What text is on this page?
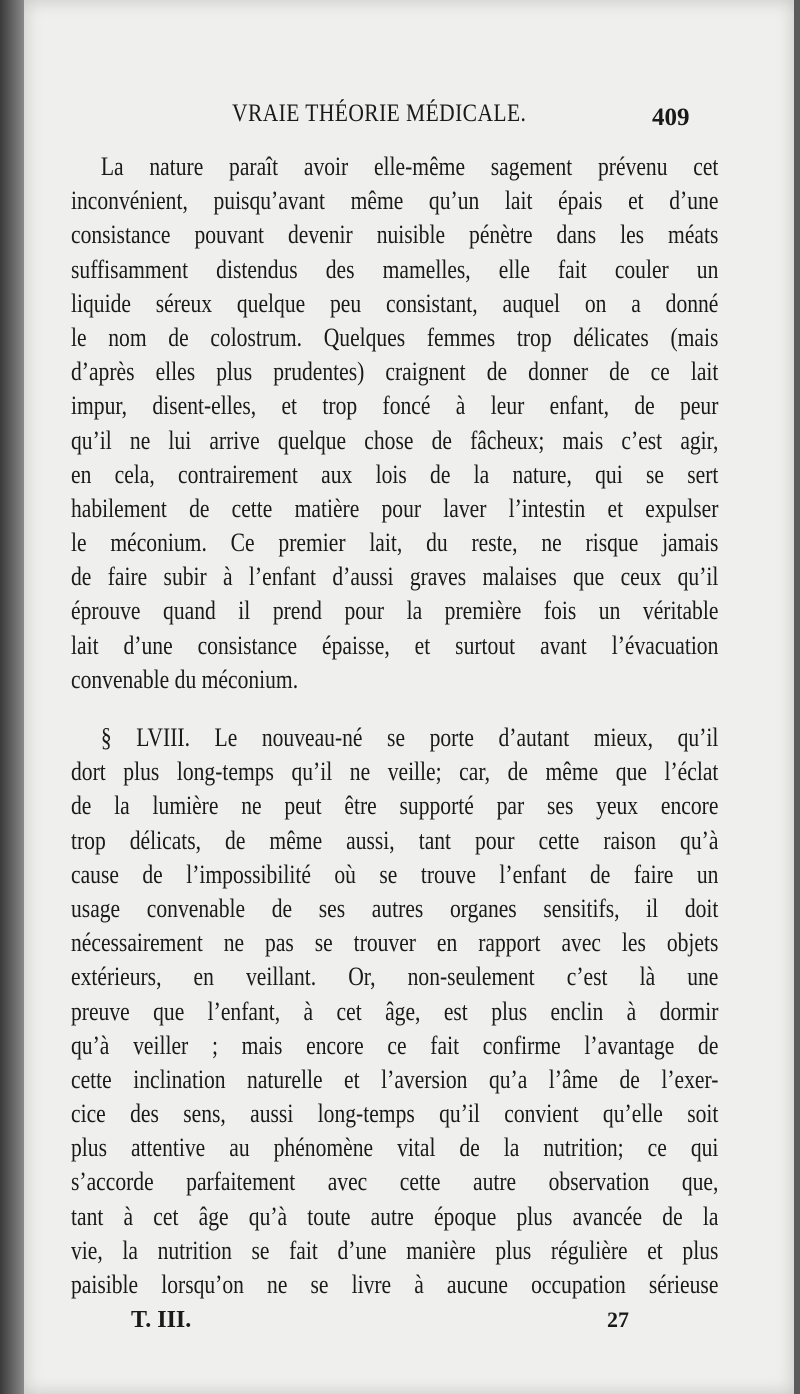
VRAIE THÉORIE MÉDICALE.	409
La nature paraît avoir elle-même sagement prévenu cet
inconvénient, puisqu’avant même qu’un lait épais et d’une
consistance pouvant devenir nuisible pénètre dans les méats
suffisamment distendus des mamelles, elle fait couler un
liquide séreux quelque peu consistant, auquel on a donné
le nom de colostrum. Quelques femmes trop délicates (mais
d’après elles plus prudentes) craignent de donner de ce lait
impur, disent-elles, et trop foncé à leur enfant, de peur
qu’il ne lui arrive quelque chose de fâcheux; mais c’est agir,
en cela, contrairement aux lois de la nature, qui se sert
habilement de cette matière pour laver l’intestin et expulser
le méconium. Ce premier lait, du reste, ne risque jamais
de faire subir à l’enfant d’aussi graves malaises que ceux qu’il
éprouve quand il prend pour la première fois un véritable
lait d’une consistance épaisse, et surtout avant l’évacuation
convenable du méconium.
§ LVIII. Le nouveau-né se porte d’autant mieux, qu’il
dort plus long-temps qu’il ne veille; car, de même que l’éclat
de la lumière ne peut être supporté par ses yeux encore
trop délicats, de même aussi, tant pour cette raison qu’à
cause de l’impossibilité où se trouve l’enfant de faire un
usage convenable de ses autres organes sensitifs, il doit
nécessairement ne pas se trouver en rapport avec les objets
extérieurs, en veillant. Or, non-seulement c’est là une
preuve que l’enfant, à cet âge, est plus enclin à dormir
qu’à veiller ; mais encore ce fait confirme l’avantage de
cette inclination naturelle et l’aversion qu’a l’âme de l’exer-
cice des sens, aussi long-temps qu’il convient qu’elle soit
plus attentive au phénomène vital de la nutrition; ce qui
s’accorde parfaitement avec cette autre observation que,
tant à cet âge qu’à toute autre époque plus avancée de la
vie, la nutrition se fait d’une manière plus régulière et plus
paisible lorsqu’on ne se livre à aucune occupation sérieuse
T. III.	27
